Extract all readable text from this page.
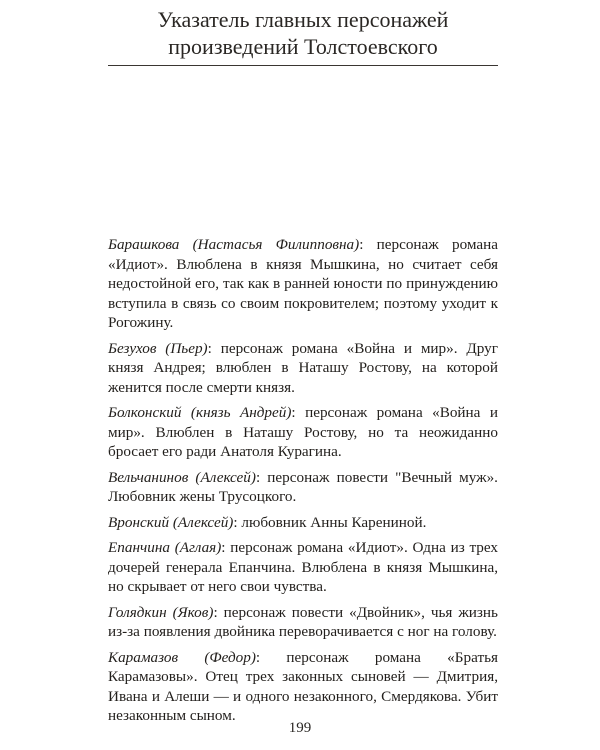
Указатель главных персонажей
произведений Толстоевского

Барашкова (Настасья Филипповна): персонаж романа «Идиот». Влюблена в князя Мышкина, но считает себя недостойной его, так как в ранней юности по принуждению вступила в связь со своим покровителем; поэтому уходит к Рогожину.

Безухов (Пьер): персонаж романа «Война и мир». Друг князя Андрея; влюблен в Наташу Ростову, на которой женится после смерти князя.

Болконский (князь Андрей): персонаж романа «Война и мир». Влюблен в Наташу Ростову, но та неожиданно бросает его ради Анатоля Курагина.

Вельчанинов (Алексей): персонаж повести "Вечный муж». Любовник жены Трусоцкого.

Вронский (Алексей): любовник Анны Карениной.

Епанчина (Аглая): персонаж романа «Идиот». Одна из трех дочерей генерала Епанчина. Влюблена в князя Мышкина, но скрывает от него свои чувства.

Голядкин (Яков): персонаж повести «Двойник», чья жизнь из-за появления двойника переворачивается с ног на голову.

Карамазов (Федор): персонаж романа «Братья Карамазовы». Отец трех законных сыновей — Дмитрия, Ивана и Алеши — и одного незаконного, Смердякова. Убит незаконным сыном.

199
